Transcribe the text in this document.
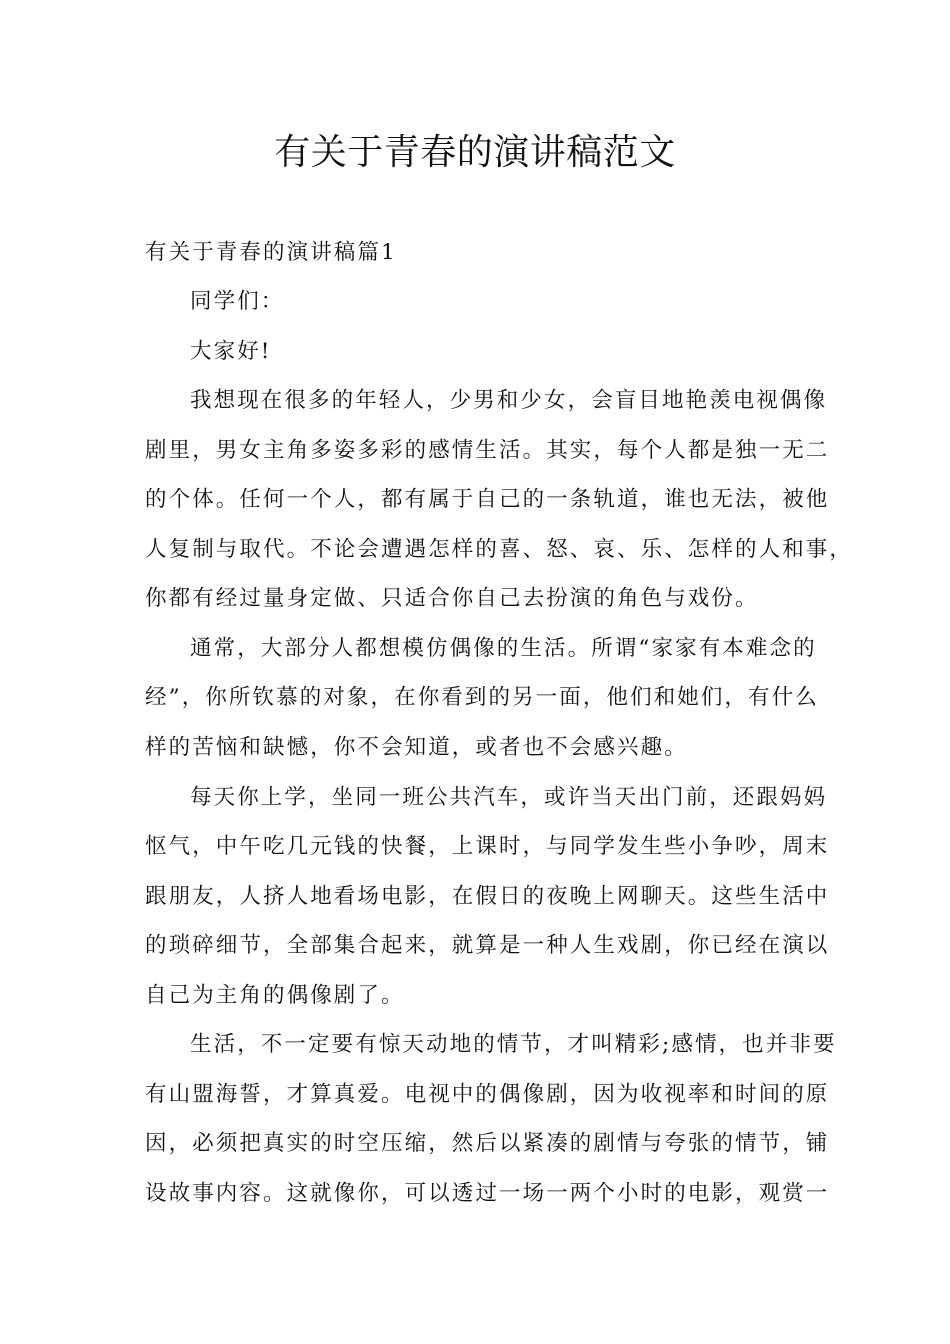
有关于青春的演讲稿范文
有关于青春的演讲稿篇1
同学们：
大家好!
我想现在很多的年轻人，少男和少女，会盲目地艳羡电视偶像
剧里，男女主角多姿多彩的感情生活。其实，每个人都是独一无二
的个体。任何一个人，都有属于自己的一条轨道，谁也无法，被他
人复制与取代。不论会遭遇怎样的喜、怒、哀、乐、怎样的人和事，
你都有经过量身定做、只适合你自己去扮演的角色与戏份。
通常，大部分人都想模仿偶像的生活。所谓“家家有本难念的
经”，你所钦慕的对象，在你看到的另一面，他们和她们，有什么
样的苦恼和缺憾，你不会知道，或者也不会感兴趣。
每天你上学，坐同一班公共汽车，或许当天出门前，还跟妈妈
怄气，中午吃几元钱的快餐，上课时，与同学发生些小争吵，周末
跟朋友，人挤人地看场电影，在假日的夜晚上网聊天。这些生活中
的琐碎细节，全部集合起来，就算是一种人生戏剧，你已经在演以
自己为主角的偶像剧了。
生活，不一定要有惊天动地的情节，才叫精彩;感情，也并非要
有山盟海誓，才算真爱。电视中的偶像剧，因为收视率和时间的原
因，必须把真实的时空压缩，然后以紧凑的剧情与夸张的情节，铺
设故事内容。这就像你，可以透过一场一两个小时的电影，观赏一
